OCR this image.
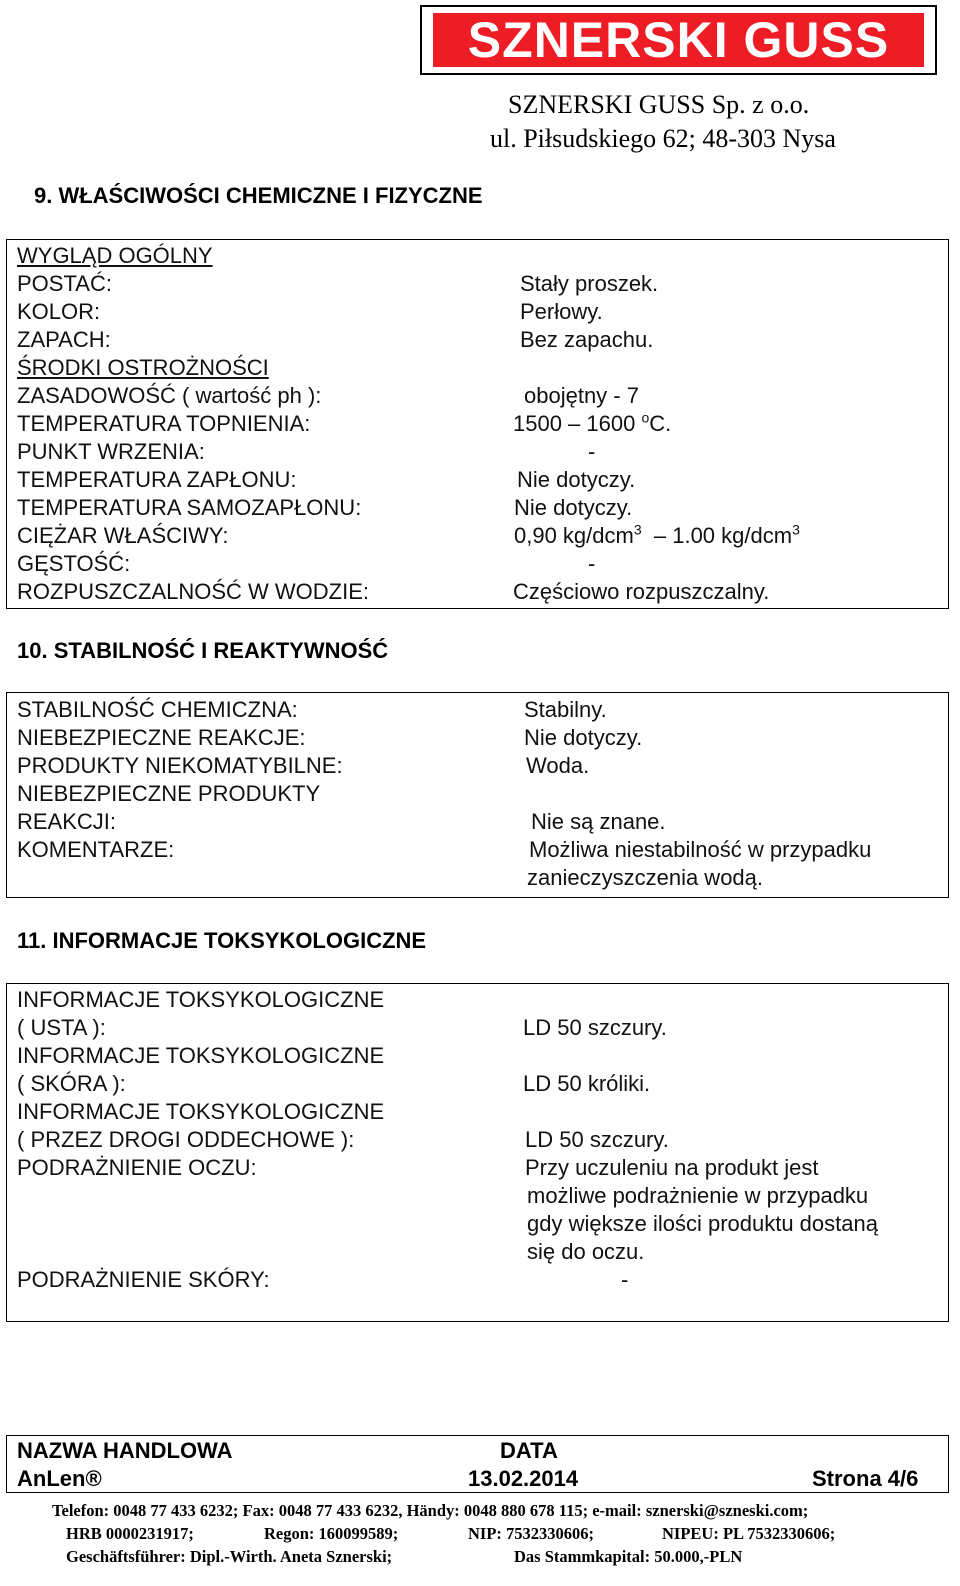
SZNERSKI GUSS
SZNERSKI GUSS Sp. z o.o.
ul. Piłsudskiego 62; 48-303 Nysa
9. WŁAŚCIWOŚCI CHEMICZNE I FIZYCZNE
WYGLĄD OGÓLNY
POSTAĆ:	Stały proszek.
KOLOR:	Perłowy.
ZAPACH:	Bez zapachu.
ŚRODKI OSTROŻNOŚCI
ZASADOWOŚĆ ( wartość ph ):	obojętny - 7
TEMPERATURA TOPNIENIA:	1500 – 1600 $^o$C.
PUNKT WRZENIA:	-
TEMPERATURA ZAPŁONU:	Nie dotyczy.
TEMPERATURA SAMOZAPŁONU:	Nie dotyczy.
CIĘŻAR WŁAŚCIWY:	0,90 kg/dcm$^3$ – 1.00 kg/dcm$^3$
GĘSTOŚĆ:	-
ROZPUSZCZALNOŚĆ W WODZIE:	Częściowo rozpuszczalny.
10. STABILNOŚĆ I REAKTYWNOŚĆ
STABILNOŚĆ CHEMICZNA:	Stabilny.
NIEBEZPIECZNE REAKCJE:	Nie dotyczy.
PRODUKTY NIEKOMATYBILNE:	Woda.
NIEBEZPIECZNE PRODUKTY
REAKCJI:	Nie są znane.
KOMENTARZE:	Możliwa niestabilność w przypadku
zanieczyszczenia wodą.
11. INFORMACJE TOKSYKOLOGICZNE
INFORMACJE TOKSYKOLOGICZNE
( USTA ):	LD 50 szczury.
INFORMACJE TOKSYKOLOGICZNE
( SKÓRA ):	LD 50 króliki.
INFORMACJE TOKSYKOLOGICZNE
( PRZEZ DROGI ODDECHOWE ):	LD 50 szczury.
PODRAŻNIENIE OCZU:	Przy uczuleniu na produkt jest
możliwe podrażnienie w przypadku
gdy większe ilości produktu dostaną
się do oczu.
PODRAŻNIENIE SKÓRY:	-
NAZWA HANDLOWA	DATA
AnLen®	13.02.2014	Strona 4/6
Telefon: 0048 77 433 6232; Fax: 0048 77 433 6232, Händy: 0048 880 678 115; e-mail: sznerski@szneski.com;
HRB 0000231917;	Regon: 160099589;	NIP: 7532330606;	NIPEU: PL 7532330606;
Geschäftsführer: Dipl.-Wirth. Aneta Sznerski;	Das Stammkapital: 50.000,-PLN
